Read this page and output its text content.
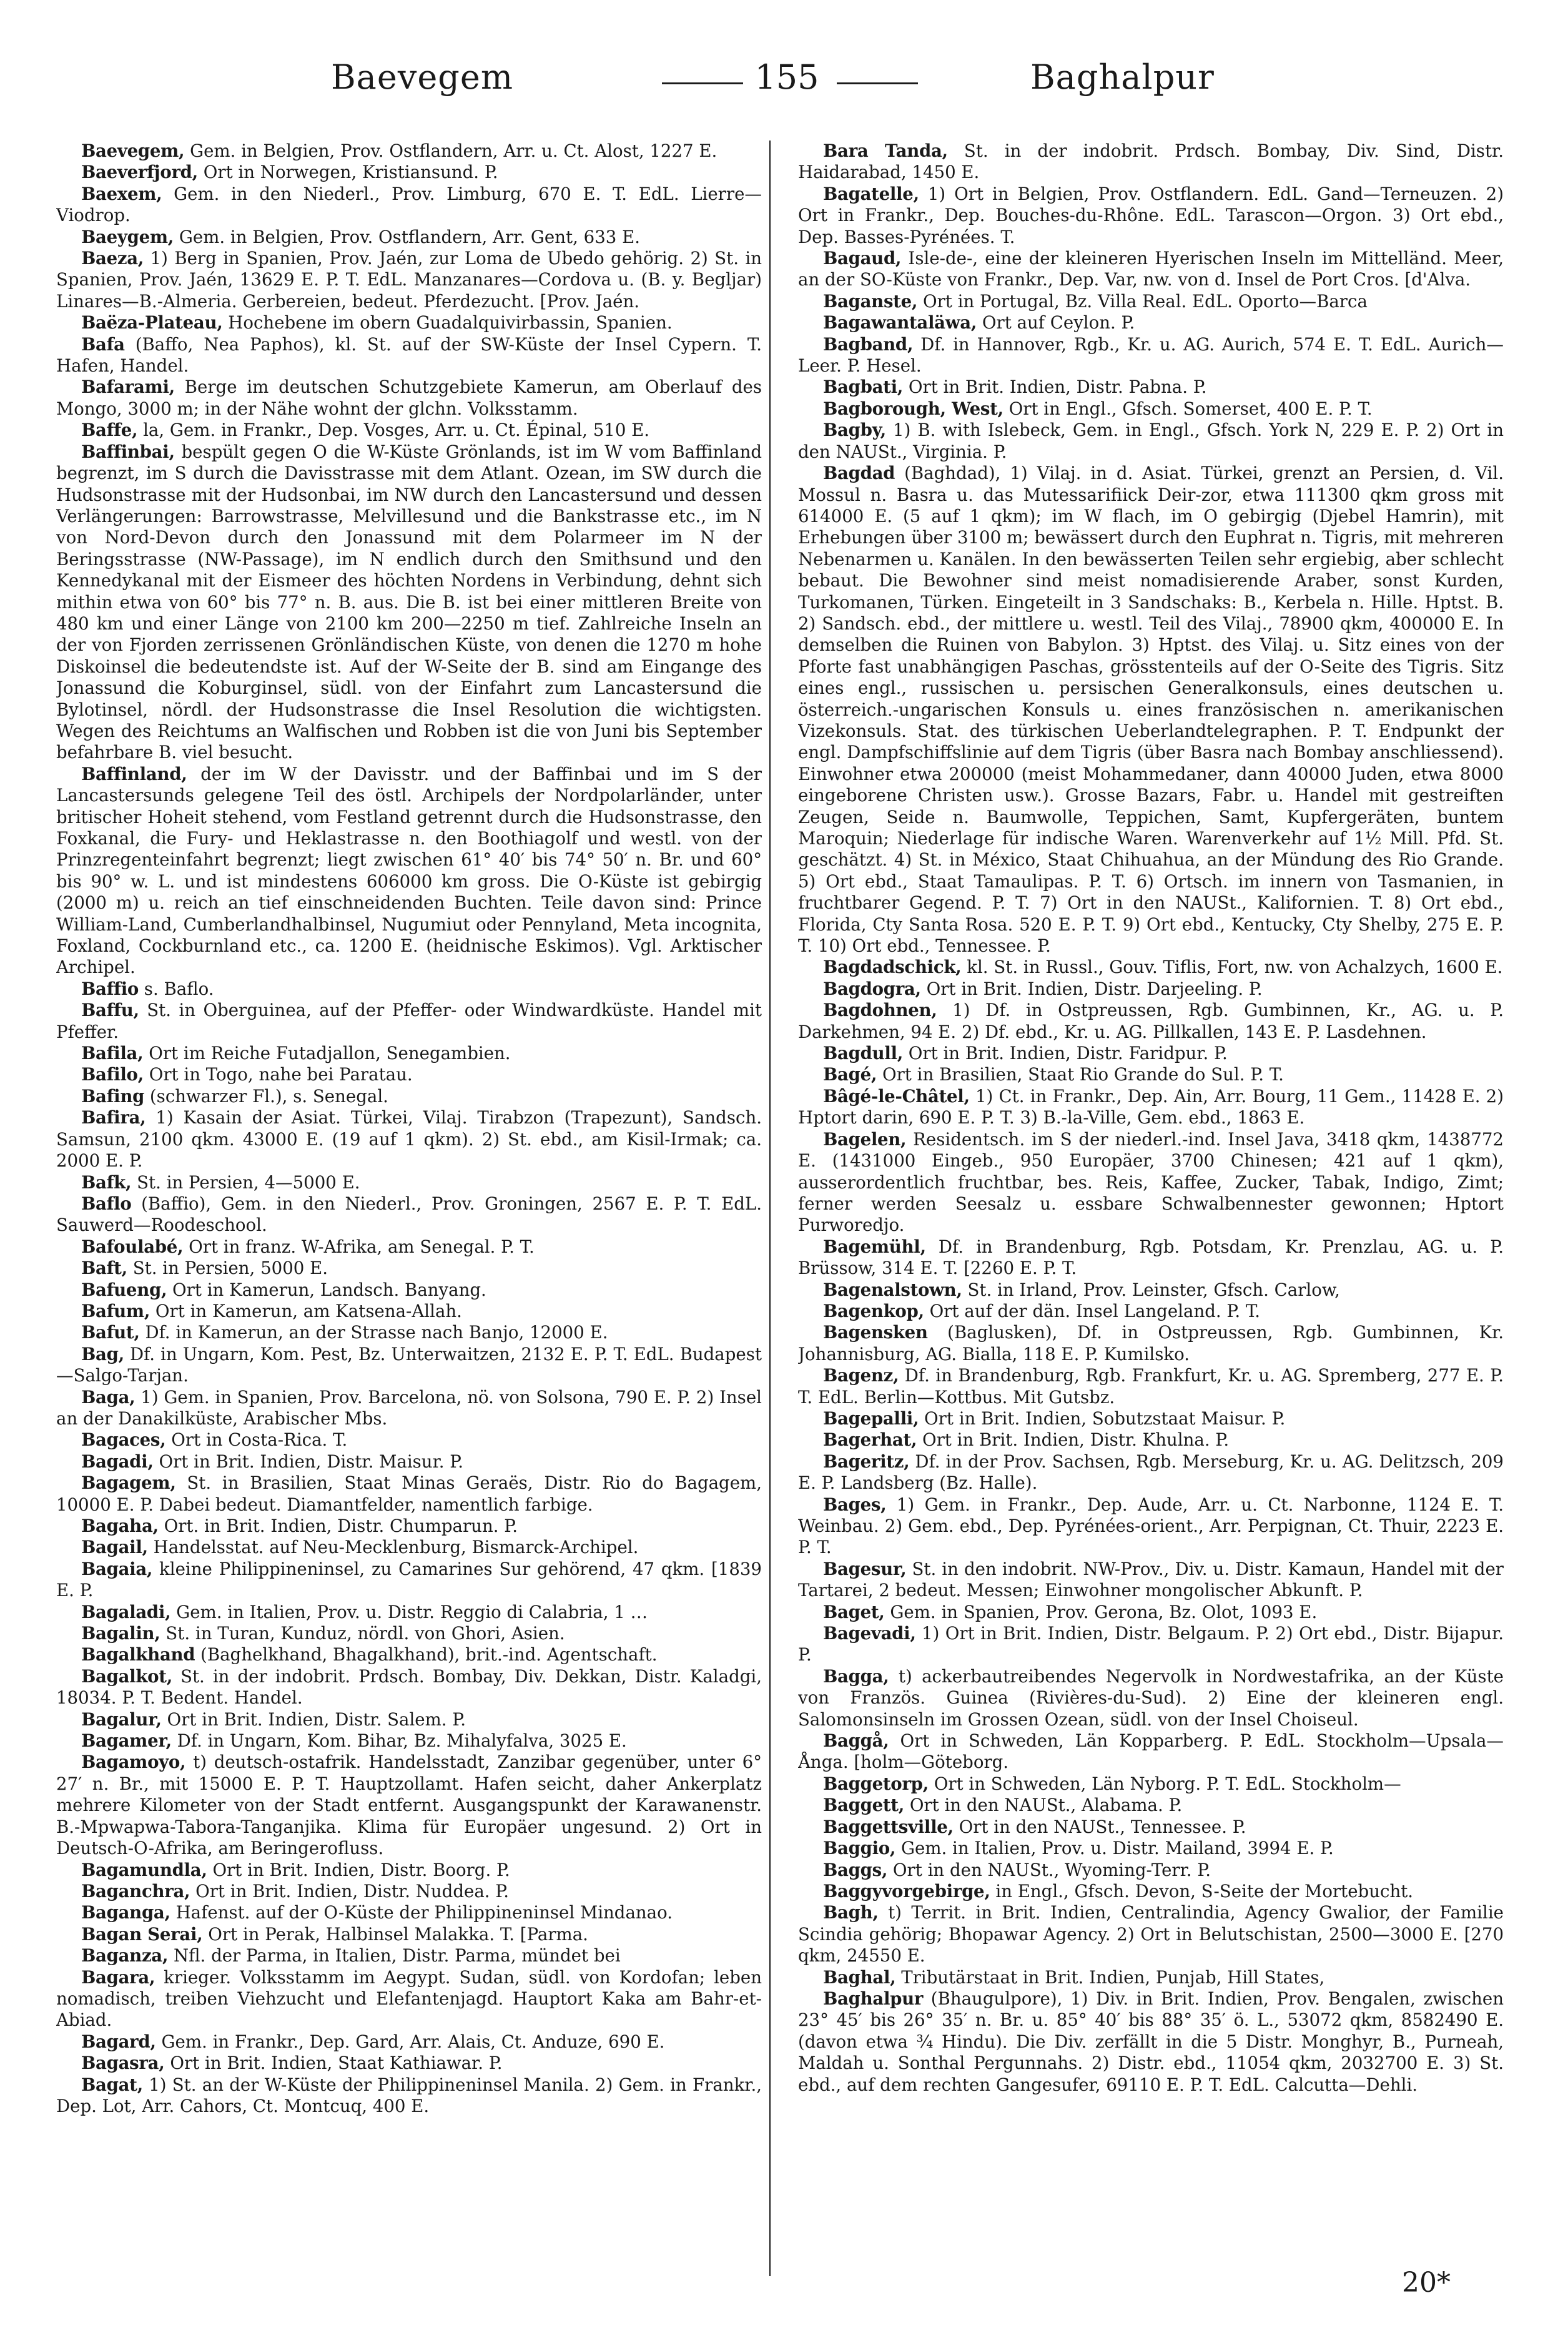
Baevegem	155	Baghalpur

Baevegem, Gem. in Belgien, Prov. Ostflandern, Arr. u. Ct. Alost, 1227 E.

Baeverfjord, Ort in Norwegen, Kristiansund. P.

Baexem, Gem. in den Niederl., Prov. Limburg, 670 E. T. EdL. Lierre—Viodrop.

Baeygem, Gem. in Belgien, Prov. Ostflandern, Arr. Gent, 633 E.

Baeza, 1) Berg in Spanien, Prov. Jaén, zur Loma de Ubedo gehörig. 2) St. in Spanien, Prov. Jaén, 13629 E. P. T. EdL. Manzanares—Cordova u. (B. y. Begljar) Linares—B.-Almeria. Gerbereien, bedeut. Pferdezucht. [Prov. Jaén.

Baëza-Plateau, Hochebene im obern Guadalquivirbassin, Spanien.

Bafa (Baffo, Nea Paphos), kl. St. auf der SW-Küste der Insel Cypern. T. Hafen, Handel.

Bafarami, Berge im deutschen Schutzgebiete Kamerun, am Oberlauf des Mongo, 3000 m; in der Nähe wohnt der glchn. Volksstamm.

Baffe, la, Gem. in Frankr., Dep. Vosges, Arr. u. Ct. Épinal, 510 E.

Baffinbai, bespült gegen O die W-Küste Grönlands, ist im W vom Baffinland begrenzt, im S durch die Davisstrasse mit dem Atlant. Ozean, im SW durch die Hudsonstrasse mit der Hudsonbai, im NW durch den Lancastersund und dessen Verlängerungen: Barrowstrasse, Melvillesund und die Bankstrasse etc., im N von Nord-Devon durch den Jonassund mit dem Polarmeer im N der Beringsstrasse (NW-Passage), im N endlich durch den Smithsund und den Kennedykanal mit der Eismeer des höchten Nordens in Verbindung, dehnt sich mithin etwa von 60° bis 77° n. B. aus. Die B. ist bei einer mittleren Breite von 480 km und einer Länge von 2100 km 200—2250 m tief. Zahlreiche Inseln an der von Fjorden zerrissenen Grönländischen Küste, von denen die 1270 m hohe Diskoinsel die bedeutendste ist. Auf der W-Seite der B. sind am Eingange des Jonassund die Koburginsel, südl. von der Einfahrt zum Lancastersund die Bylotinsel, nördl. der Hudsonstrasse die Insel Resolution die wichtigsten. Wegen des Reichtums an Walfischen und Robben ist die von Juni bis September befahrbare B. viel besucht.

Baffinland, der im W der Davisstr. und der Baffinbai und im S der Lancastersunds gelegene Teil des östl. Archipels der Nordpolarländer, unter britischer Hoheit stehend, vom Festland getrennt durch die Hudsonstrasse, den Foxkanal, die Fury- und Heklastrasse n. den Boothiagolf und westl. von der Prinzregenteinfahrt begrenzt; liegt zwischen 61° 40′ bis 74° 50′ n. Br. und 60° bis 90° w. L. und ist mindestens 606000 km gross. Die O-Küste ist gebirgig (2000 m) u. reich an tief einschneidenden Buchten. Teile davon sind: Prince William-Land, Cumberlandhalbinsel, Nugumiut oder Pennyland, Meta incognita, Foxland, Cockburnland etc., ca. 1200 E. (heidnische Eskimos). Vgl. Arktischer Archipel.

Baffio s. Baflo.

Baffu, St. in Oberguinea, auf der Pfeffer- oder Windwardküste. Handel mit Pfeffer.

Bafila, Ort im Reiche Futadjallon, Senegambien.

Bafilo, Ort in Togo, nahe bei Paratau.

Bafing (schwarzer Fl.), s. Senegal.

Bafira, 1) Kasain der Asiat. Türkei, Vilaj. Tirabzon (Trapezunt), Sandsch. Samsun, 2100 qkm. 43000 E. (19 auf 1 qkm). 2) St. ebd., am Kisil-Irmak; ca. 2000 E. P.

Bafk, St. in Persien, 4—5000 E.

Baflo (Baffio), Gem. in den Niederl., Prov. Groningen, 2567 E. P. T. EdL. Sauwerd—Roodeschool.

Bafoulabé, Ort in franz. W-Afrika, am Senegal. P. T.

Baft, St. in Persien, 5000 E.

Bafueng, Ort in Kamerun, Landsch. Banyang.

Bafum, Ort in Kamerun, am Katsena-Allah.

Bafut, Df. in Kamerun, an der Strasse nach Banjo, 12000 E.

Bag, Df. in Ungarn, Kom. Pest, Bz. Unterwaitzen, 2132 E. P. T. EdL. Budapest—Salgo-Tarjan.

Baga, 1) Gem. in Spanien, Prov. Barcelona, nö. von Solsona, 790 E. P. 2) Insel an der Danakilküste, Arabischer Mbs.

Bagaces, Ort in Costa-Rica. T.

Bagadi, Ort in Brit. Indien, Distr. Maisur. P.

Bagagem, St. in Brasilien, Staat Minas Geraës, Distr. Rio do Bagagem, 10000 E. P. Dabei bedeut. Diamantfelder, namentlich farbige.

Bagaha, Ort. in Brit. Indien, Distr. Chumparun. P.

Bagail, Handelsstat. auf Neu-Mecklenburg, Bismarck-Archipel.

Bagaia, kleine Philippineninsel, zu Camarines Sur gehörend, 47 qkm. [1839 E. P.

Bagaladi, Gem. in Italien, Prov. u. Distr. Reggio di Calabria, 1 …

Bagalin, St. in Turan, Kunduz, nördl. von Ghori, Asien.

Bagalkhand (Baghelkhand, Bhagalkhand), brit.-ind. Agentschaft.

Bagalkot, St. in der indobrit. Prdsch. Bombay, Div. Dekkan, Distr. Kaladgi, 18034. P. T. Bedent. Handel.

Bagalur, Ort in Brit. Indien, Distr. Salem. P.

Bagamer, Df. in Ungarn, Kom. Bihar, Bz. Mihalyfalva, 3025 E.

Bagamoyo, t) deutsch-ostafrik. Handelsstadt, Zanzibar gegenüber, unter 6° 27′ n. Br., mit 15000 E. P. T. Hauptzollamt. Hafen seicht, daher Ankerplatz mehrere Kilometer von der Stadt entfernt. Ausgangspunkt der Karawanenstr. B.-Mpwapwa-Tabora-Tanganjika. Klima für Europäer ungesund. 2) Ort in Deutsch-O-Afrika, am Beringerofluss.

Bagamundla, Ort in Brit. Indien, Distr. Boorg. P.

Baganchra, Ort in Brit. Indien, Distr. Nuddea. P.

Baganga, Hafenst. auf der O-Küste der Philippineninsel Mindanao.

Bagan Serai, Ort in Perak, Halbinsel Malakka. T. [Parma.

Baganza, Nfl. der Parma, in Italien, Distr. Parma, mündet bei

Bagara, krieger. Volksstamm im Aegypt. Sudan, südl. von Kordofan; leben nomadisch, treiben Viehzucht und Elefantenjagd. Hauptort Kaka am Bahr-et-Abiad.

Bagard, Gem. in Frankr., Dep. Gard, Arr. Alais, Ct. Anduze, 690 E.

Bagasra, Ort in Brit. Indien, Staat Kathiawar. P.

Bagat, 1) St. an der W-Küste der Philippineninsel Manila. 2) Gem. in Frankr., Dep. Lot, Arr. Cahors, Ct. Montcuq, 400 E.

Bara Tanda, St. in der indobrit. Prdsch. Bombay, Div. Sind, Distr. Haidarabad, 1450 E.

Bagatelle, 1) Ort in Belgien, Prov. Ostflandern. EdL. Gand—Terneuzen. 2) Ort in Frankr., Dep. Bouches-du-Rhône. EdL. Tarascon—Orgon. 3) Ort ebd., Dep. Basses-Pyrénées. T.

Bagaud, Isle-de-, eine der kleineren Hyerischen Inseln im Mittelländ. Meer, an der SO-Küste von Frankr., Dep. Var, nw. von d. Insel de Port Cros. [d'Alva.

Baganste, Ort in Portugal, Bz. Villa Real. EdL. Oporto—Barca

Bagawantaläwa, Ort auf Ceylon. P.

Bagband, Df. in Hannover, Rgb., Kr. u. AG. Aurich, 574 E. T. EdL. Aurich—Leer. P. Hesel.

Bagbati, Ort in Brit. Indien, Distr. Pabna. P.

Bagborough, West, Ort in Engl., Gfsch. Somerset, 400 E. P. T.

Bagby, 1) B. with Islebeck, Gem. in Engl., Gfsch. York N, 229 E. P. 2) Ort in den NAUSt., Virginia. P.

Bagdad (Baghdad), 1) Vilaj. in d. Asiat. Türkei, grenzt an Persien, d. Vil. Mossul n. Basra u. das Mutessarifiick Deir-zor, etwa 111300 qkm gross mit 614000 E. (5 auf 1 qkm); im W flach, im O gebirgig (Djebel Hamrin), mit Erhebungen über 3100 m; bewässert durch den Euphrat n. Tigris, mit mehreren Nebenarmen u. Kanälen. In den bewässerten Teilen sehr ergiebig, aber schlecht bebaut. Die Bewohner sind meist nomadisierende Araber, sonst Kurden, Turkomanen, Türken. Eingeteilt in 3 Sandschaks: B., Kerbela n. Hille. Hptst. B. 2) Sandsch. ebd., der mittlere u. westl. Teil des Vilaj., 78900 qkm, 400000 E. In demselben die Ruinen von Babylon. 3) Hptst. des Vilaj. u. Sitz eines von der Pforte fast unabhängigen Paschas, grösstenteils auf der O-Seite des Tigris. Sitz eines engl., russischen u. persischen Generalkonsuls, eines deutschen u. österreich.-ungarischen Konsuls u. eines französischen n. amerikanischen Vizekonsuls. Stat. des türkischen Ueberlandtelegraphen. P. T. Endpunkt der engl. Dampfschiffslinie auf dem Tigris (über Basra nach Bombay anschliessend). Einwohner etwa 200000 (meist Mohammedaner, dann 40000 Juden, etwa 8000 eingeborene Christen usw.). Grosse Bazars, Fabr. u. Handel mit gestreiften Zeugen, Seide n. Baumwolle, Teppichen, Samt, Kupfergeräten, buntem Maroquin; Niederlage für indische Waren. Warenverkehr auf 1½ Mill. Pfd. St. geschätzt. 4) St. in México, Staat Chihuahua, an der Mündung des Rio Grande. 5) Ort ebd., Staat Tamaulipas. P. T. 6) Ortsch. im innern von Tasmanien, in fruchtbarer Gegend. P. T. 7) Ort in den NAUSt., Kalifornien. T. 8) Ort ebd., Florida, Cty Santa Rosa. 520 E. P. T. 9) Ort ebd., Kentucky, Cty Shelby, 275 E. P. T. 10) Ort ebd., Tennessee. P.

Bagdadschick, kl. St. in Russl., Gouv. Tiflis, Fort, nw. von Achalzych, 1600 E.

Bagdogra, Ort in Brit. Indien, Distr. Darjeeling. P.

Bagdohnen, 1) Df. in Ostpreussen, Rgb. Gumbinnen, Kr., AG. u. P. Darkehmen, 94 E. 2) Df. ebd., Kr. u. AG. Pillkallen, 143 E. P. Lasdehnen.

Bagdull, Ort in Brit. Indien, Distr. Faridpur. P.

Bagé, Ort in Brasilien, Staat Rio Grande do Sul. P. T.

Bâgé-le-Châtel, 1) Ct. in Frankr., Dep. Ain, Arr. Bourg, 11 Gem., 11428 E. 2) Hptort darin, 690 E. P. T. 3) B.-la-Ville, Gem. ebd., 1863 E.

Bagelen, Residentsch. im S der niederl.-ind. Insel Java, 3418 qkm, 1438772 E. (1431000 Eingeb., 950 Europäer, 3700 Chinesen; 421 auf 1 qkm), ausserordentlich fruchtbar, bes. Reis, Kaffee, Zucker, Tabak, Indigo, Zimt; ferner werden Seesalz u. essbare Schwalbennester gewonnen; Hptort Purworedjo.

Bagemühl, Df. in Brandenburg, Rgb. Potsdam, Kr. Prenzlau, AG. u. P. Brüssow, 314 E. T. [2260 E. P. T.

Bagenalstown, St. in Irland, Prov. Leinster, Gfsch. Carlow,

Bagenkop, Ort auf der dän. Insel Langeland. P. T.

Bagensken (Baglusken), Df. in Ostpreussen, Rgb. Gumbinnen, Kr. Johannisburg, AG. Bialla, 118 E. P. Kumilsko.

Bagenz, Df. in Brandenburg, Rgb. Frankfurt, Kr. u. AG. Spremberg, 277 E. P. T. EdL. Berlin—Kottbus. Mit Gutsbz.

Bagepalli, Ort in Brit. Indien, Sobutzstaat Maisur. P.

Bagerhat, Ort in Brit. Indien, Distr. Khulna. P.

Bageritz, Df. in der Prov. Sachsen, Rgb. Merseburg, Kr. u. AG. Delitzsch, 209 E. P. Landsberg (Bz. Halle).

Bages, 1) Gem. in Frankr., Dep. Aude, Arr. u. Ct. Narbonne, 1124 E. T. Weinbau. 2) Gem. ebd., Dep. Pyrénées-orient., Arr. Perpignan, Ct. Thuir, 2223 E. P. T.

Bagesur, St. in den indobrit. NW-Prov., Div. u. Distr. Kamaun, Handel mit der Tartarei, 2 bedeut. Messen; Einwohner mongolischer Abkunft. P.

Baget, Gem. in Spanien, Prov. Gerona, Bz. Olot, 1093 E.

Bagevadi, 1) Ort in Brit. Indien, Distr. Belgaum. P. 2) Ort ebd., Distr. Bijapur. P.

Bagga, t) ackerbautreibendes Negervolk in Nordwestafrika, an der Küste von Französ. Guinea (Rivières-du-Sud). 2) Eine der kleineren engl. Salomonsinseln im Grossen Ozean, südl. von der Insel Choiseul.

Baggå, Ort in Schweden, Län Kopparberg. P. EdL. Stockholm—Upsala—Ånga. [holm—Göteborg.

Baggetorp, Ort in Schweden, Län Nyborg. P. T. EdL. Stockholm—

Baggett, Ort in den NAUSt., Alabama. P.

Baggettsville, Ort in den NAUSt., Tennessee. P.

Baggio, Gem. in Italien, Prov. u. Distr. Mailand, 3994 E. P.

Baggs, Ort in den NAUSt., Wyoming-Terr. P.

Baggyvorgebirge, in Engl., Gfsch. Devon, S-Seite der Mortebucht.

Bagh, t) Territ. in Brit. Indien, Centralindia, Agency Gwalior, der Familie Scindia gehörig; Bhopawar Agency. 2) Ort in Belutschistan, 2500—3000 E. [270 qkm, 24550 E.

Baghal, Tributärstaat in Brit. Indien, Punjab, Hill States,

Baghalpur (Bhaugulpore), 1) Div. in Brit. Indien, Prov. Bengalen, zwischen 23° 45′ bis 26° 35′ n. Br. u. 85° 40′ bis 88° 35′ ö. L., 53072 qkm, 8582490 E. (davon etwa ¾ Hindu). Die Div. zerfällt in die 5 Distr. Monghyr, B., Purneah, Maldah u. Sonthal Pergunnahs. 2) Distr. ebd., 11054 qkm, 2032700 E. 3) St. ebd., auf dem rechten Gangesufer, 69110 E. P. T. EdL. Calcutta—Dehli.

20*
